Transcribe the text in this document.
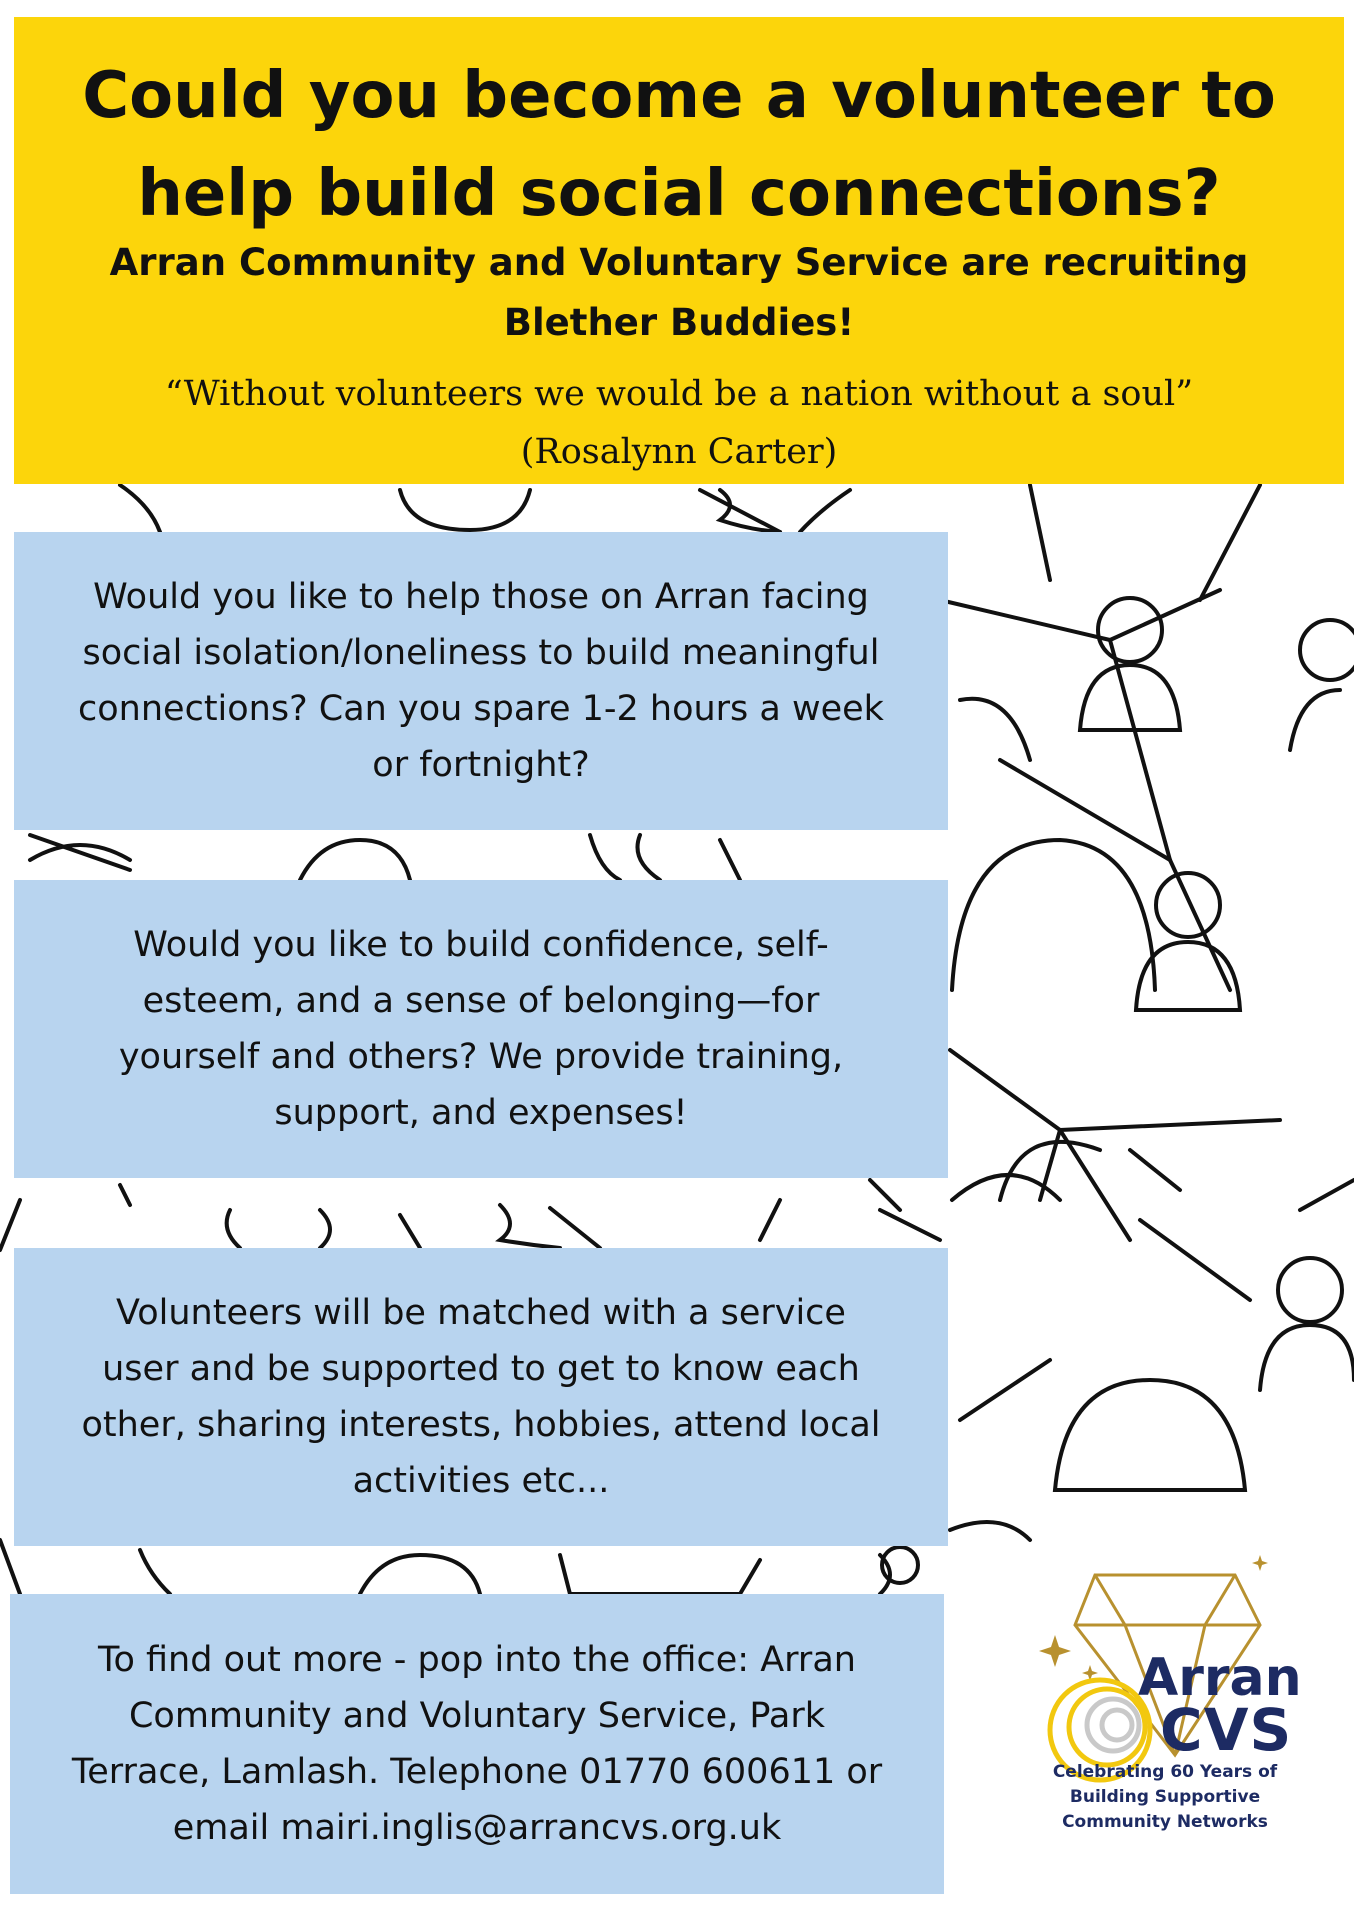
Could you become a volunteer to
help build social connections?

Arran Community and Voluntary Service are recruiting
Blether Buddies!

“Without volunteers we would be a nation without a soul”
(Rosalynn Carter)

Would you like to help those on Arran facing
social isolation/loneliness to build meaningful
connections? Can you spare 1-2 hours a week
or fortnight?
Would you like to build confidence, self-
esteem, and a sense of belonging—for
yourself and others? We provide training,
support, and expenses!
Volunteers will be matched with a service
user and be supported to get to know each
other, sharing interests, hobbies, attend local
activities etc...
To find out more - pop into the office: Arran
Community and Voluntary Service, Park
Terrace, Lamlash. Telephone 01770 600611 or
email mairi.inglis@arrancvs.org.uk
Arran
CVS
Celebrating 60 Years of
Building Supportive
Community Networks
